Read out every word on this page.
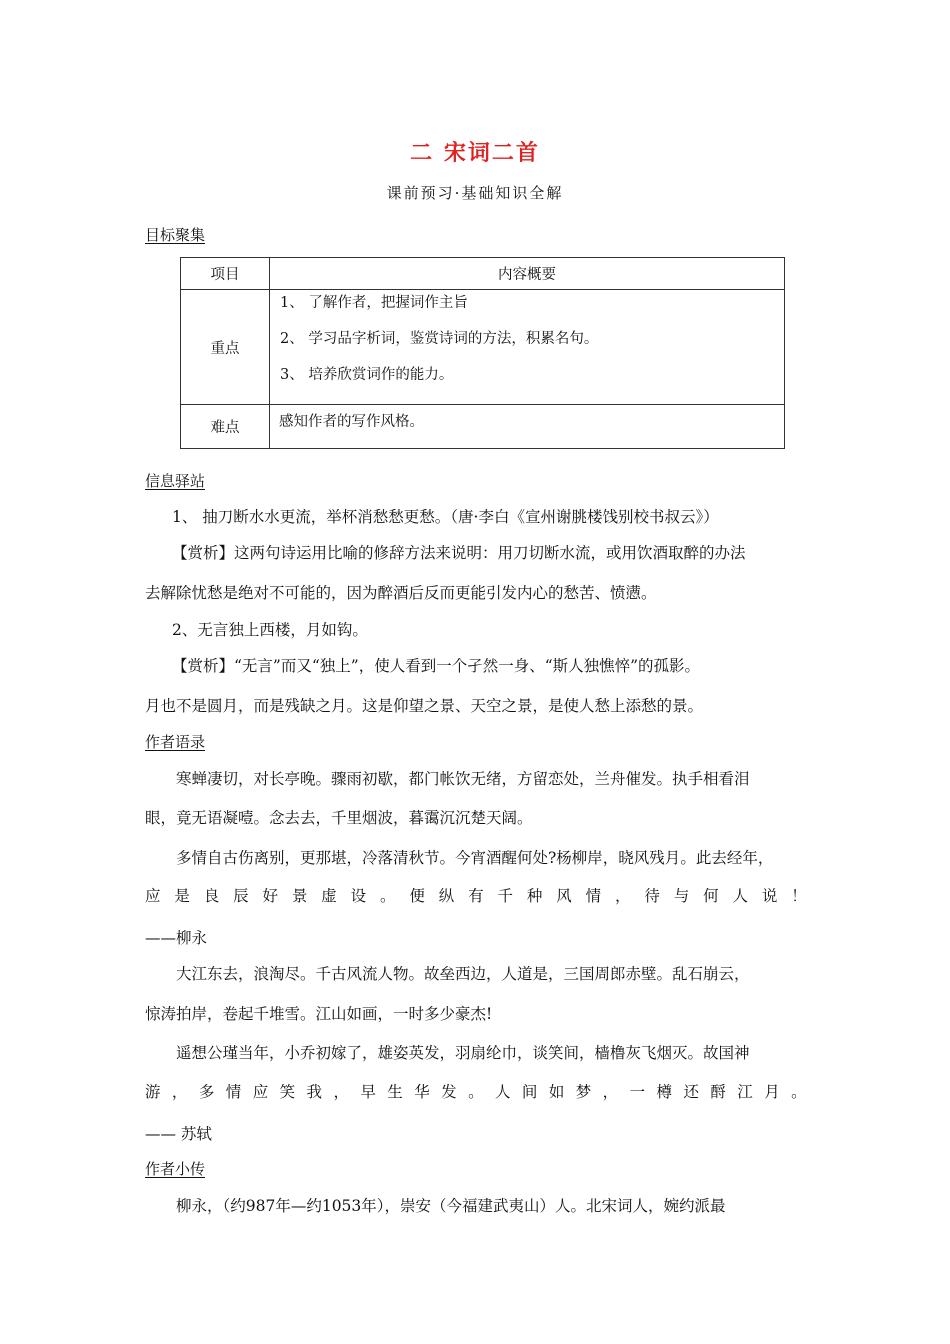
二 宋词二首
课前预习·基础知识全解
目标聚集
项目	内容概要
重点	1、 了解作者，把握词作主旨
2、 学习品字析词，鉴赏诗词的方法，积累名句。
3、 培养欣赏词作的能力。

难点	感知作者的写作风格。
信息驿站
1、 抽刀断水水更流，举杯消愁愁更愁。（唐·李白《宣州谢朓楼饯别校书叔云》）
【赏析】这两句诗运用比喻的修辞方法来说明：用刀切断水流，或用饮酒取醉的办法
去解除忧愁是绝对不可能的，因为醉酒后反而更能引发内心的愁苦、愤懑。
2、无言独上西楼，月如钩。
【赏析】“无言”而又“独上”，使人看到一个孑然一身、“斯人独憔悴”的孤影。
月也不是圆月，而是残缺之月。这是仰望之景、天空之景，是使人愁上添愁的景。
作者语录
寒蝉凄切，对长亭晚。骤雨初歇，都门帐饮无绪，方留恋处，兰舟催发。执手相看泪
眼，竟无语凝噎。念去去，千里烟波，暮霭沉沉楚天阔。
多情自古伤离别，更那堪，冷落清秋节。今宵酒醒何处?杨柳岸，晓风残月。此去经年，
应 是 良 辰 好 景 虚 设 。 便 纵 有 千 种 风 情 ， 待 与 何 人 说 ！
——柳永
大江东去，浪淘尽。千古风流人物。故垒西边，人道是，三国周郎赤壁。乱石崩云，
惊涛拍岸，卷起千堆雪。江山如画，一时多少豪杰!
遥想公瑾当年，小乔初嫁了，雄姿英发，羽扇纶巾，谈笑间，樯橹灰飞烟灭。故国神
游 ， 多 情 应 笑 我 ， 早 生 华 发 。 人 间 如 梦 ， 一 樽 还 酹 江 月 。
—— 苏轼
作者小传
柳永，（约987年—约1053年），崇安（今福建武夷山）人。北宋词人，婉约派最
